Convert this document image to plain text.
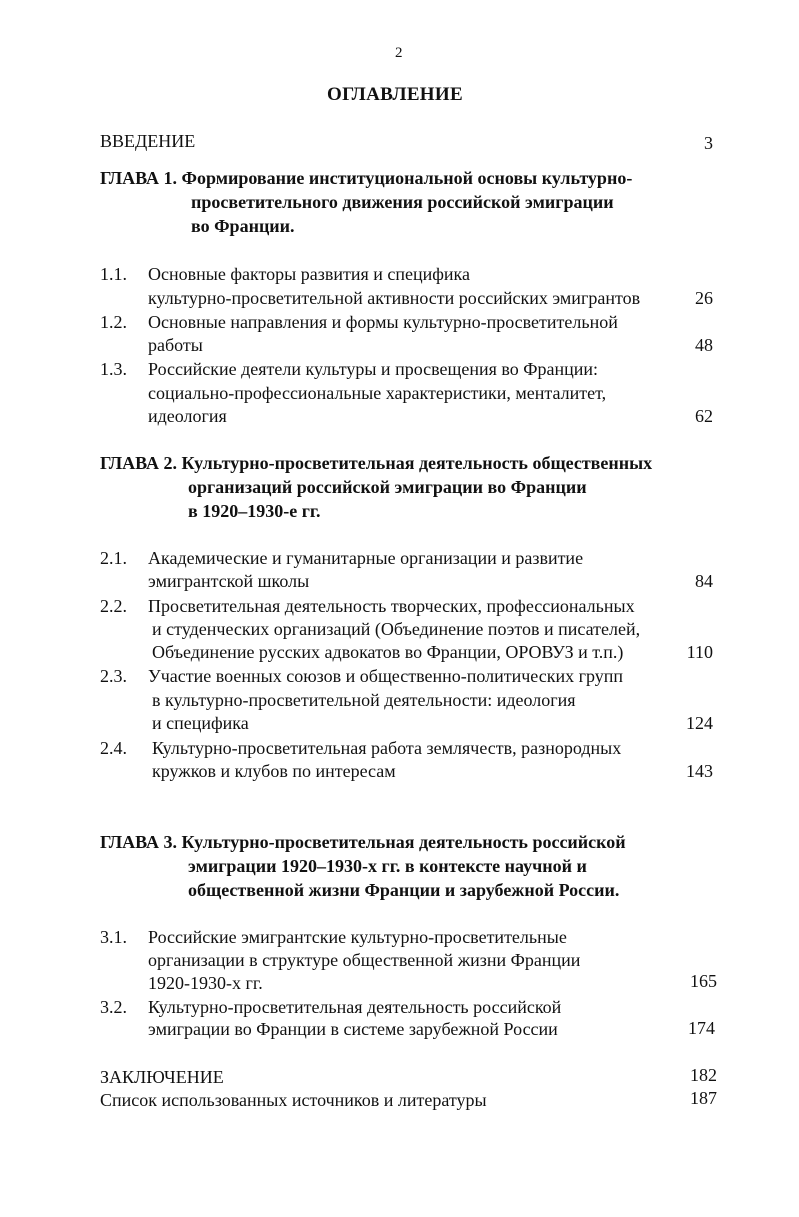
2
ОГЛАВЛЕНИЕ
ВВЕДЕНИЕ	3
ГЛАВА 1. Формирование институциональной основы культурно-
просветительного движения российской эмиграции
во Франции.
1.1. Основные факторы развития и специфика
культурно-просветительной активности российских эмигрантов	26
1.2. Основные направления и формы культурно-просветительной
работы	48
1.3. Российские деятели культуры и просвещения во Франции:
социально-профессиональные характеристики, менталитет,
идеология	62
ГЛАВА 2. Культурно-просветительная деятельность общественных
организаций российской эмиграции во Франции
в 1920–1930-е гг.
2.1. Академические и гуманитарные организации и развитие
эмигрантской школы	84
2.2. Просветительная деятельность творческих, профессиональных
и студенческих организаций (Объединение поэтов и писателей,
Объединение русских адвокатов во Франции, ОРОВУЗ и т.п.)	110
2.3. Участие военных союзов и общественно-политических групп
в культурно-просветительной деятельности: идеология
и специфика	124
2.4. Культурно-просветительная работа землячеств, разнородных
кружков и клубов по интересам	143
ГЛАВА 3. Культурно-просветительная деятельность российской
эмиграции 1920–1930-х гг. в контексте научной и
общественной жизни Франции и зарубежной России.
3.1. Российские эмигрантские культурно-просветительные
организации в структуре общественной жизни Франции
1920-1930-х гг.	165
3.2. Культурно-просветительная деятельность российской
эмиграции во Франции в системе зарубежной России	174
ЗАКЛЮЧЕНИЕ	182
Список использованных источников и литературы	187
